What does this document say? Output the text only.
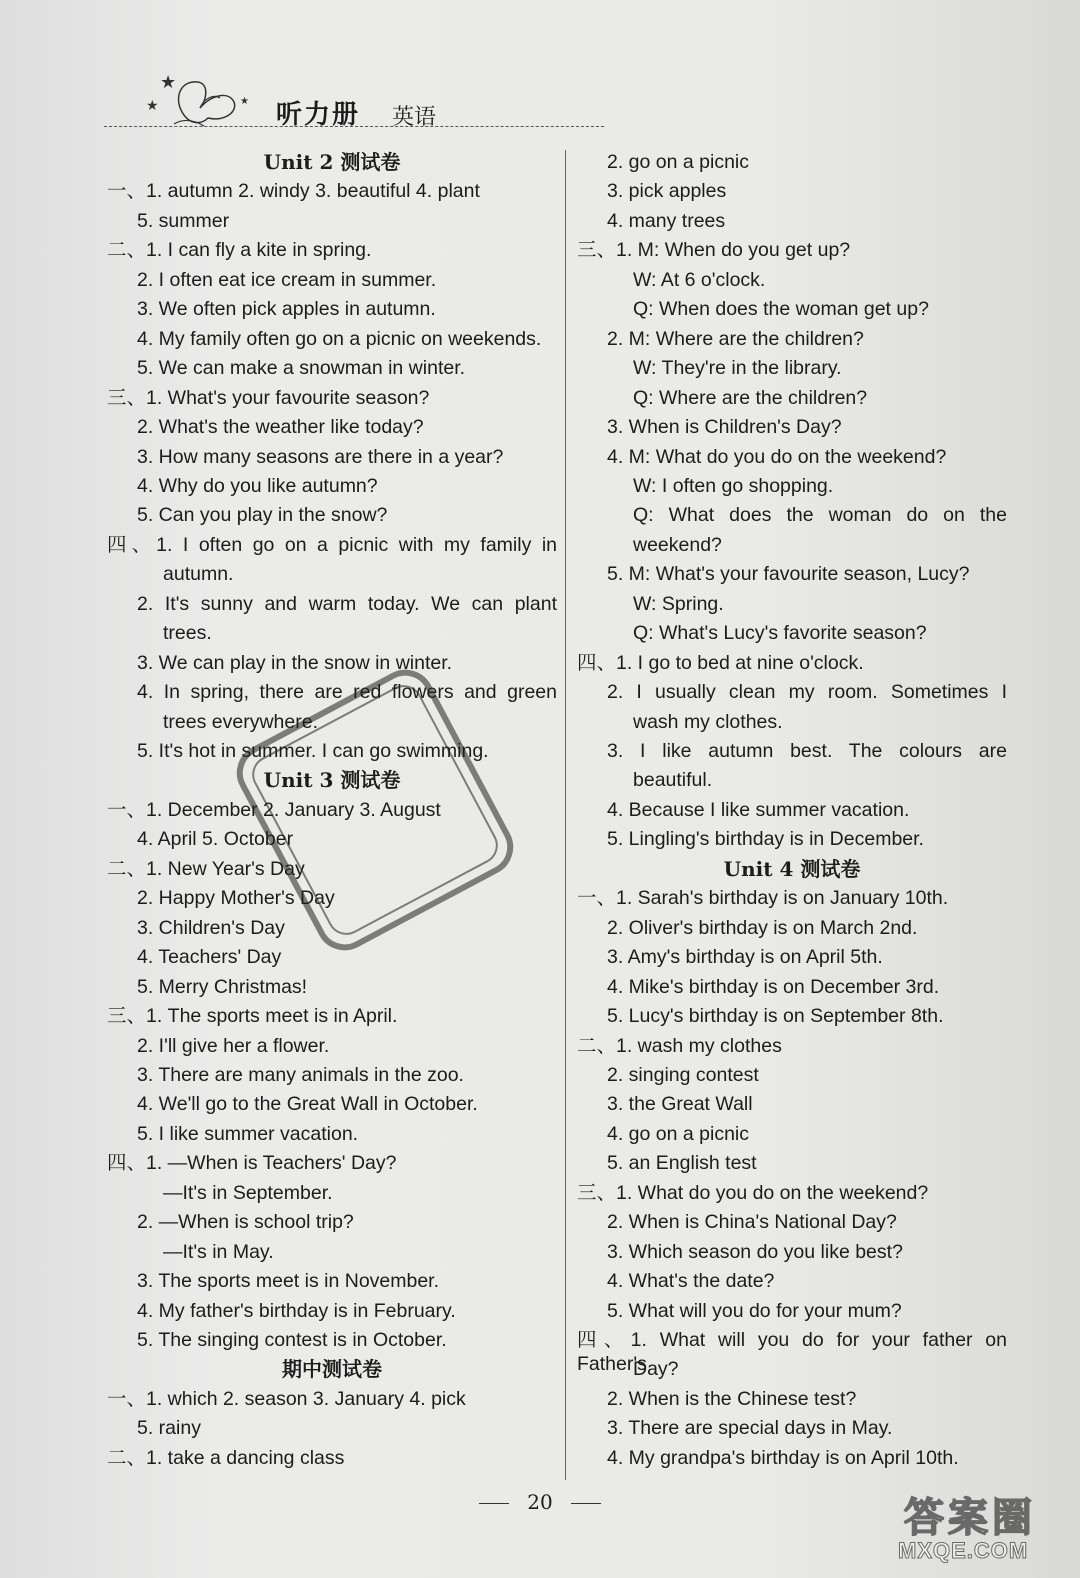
★
★
★ 听力册 英语
Unit 2 测试卷
一、1. autumn 2. windy 3. beautiful 4. plant
5. summer
二、1. I can fly a kite in spring.
2. I often eat ice cream in summer.
3. We often pick apples in autumn.
4. My family often go on a picnic on weekends.
5. We can make a snowman in winter.
三、1. What's your favourite season?
2. What's the weather like today?
3. How many seasons are there in a year?
4. Why do you like autumn?
5. Can you play in the snow?
四、1. I often go on a picnic with my family in
autumn.
2. It's sunny and warm today. We can plant
trees.
3. We can play in the snow in winter.
4. In spring, there are red flowers and green
trees everywhere.
5. It's hot in summer. I can go swimming.
Unit 3 测试卷
一、1. December 2. January 3. August
4. April 5. October
二、1. New Year's Day
2. Happy Mother's Day
3. Children's Day
4. Teachers' Day
5. Merry Christmas!
三、1. The sports meet is in April.
2. I'll give her a flower.
3. There are many animals in the zoo.
4. We'll go to the Great Wall in October.
5. I like summer vacation.
四、1. —When is Teachers' Day?
—It's in September.
2. —When is school trip?
—It's in May.
3. The sports meet is in November.
4. My father's birthday is in February.
5. The singing contest is in October.
期中测试卷
一、1. which 2. season 3. January 4. pick
5. rainy
二、1. take a dancing class
2. go on a picnic
3. pick apples
4. many trees
三、1. M: When do you get up?
W: At 6 o'clock.
Q: When does the woman get up?
2. M: Where are the children?
W: They're in the library.
Q: Where are the children?
3. When is Children's Day?
4. M: What do you do on the weekend?
W: I often go shopping.
Q: What does the woman do on the
weekend?
5. M: What's your favourite season, Lucy?
W: Spring.
Q: What's Lucy's favorite season?
四、1. I go to bed at nine o'clock.
2. I usually clean my room. Sometimes I
wash my clothes.
3. I like autumn best. The colours are
beautiful.
4. Because I like summer vacation.
5. Lingling's birthday is in December.
Unit 4 测试卷
一、1. Sarah's birthday is on January 10th.
2. Oliver's birthday is on March 2nd.
3. Amy's birthday is on April 5th.
4. Mike's birthday is on December 3rd.
5. Lucy's birthday is on September 8th.
二、1. wash my clothes
2. singing contest
3. the Great Wall
4. go on a picnic
5. an English test
三、1. What do you do on the weekend?
2. When is China's National Day?
3. Which season do you like best?
4. What's the date?
5. What will you do for your mum?
四、1. What will you do for your father on Father's
Day?
2. When is the Chinese test?
3. There are special days in May.
4. My grandpa's birthday is on April 10th.
20	答案圈
MXQE.COM
